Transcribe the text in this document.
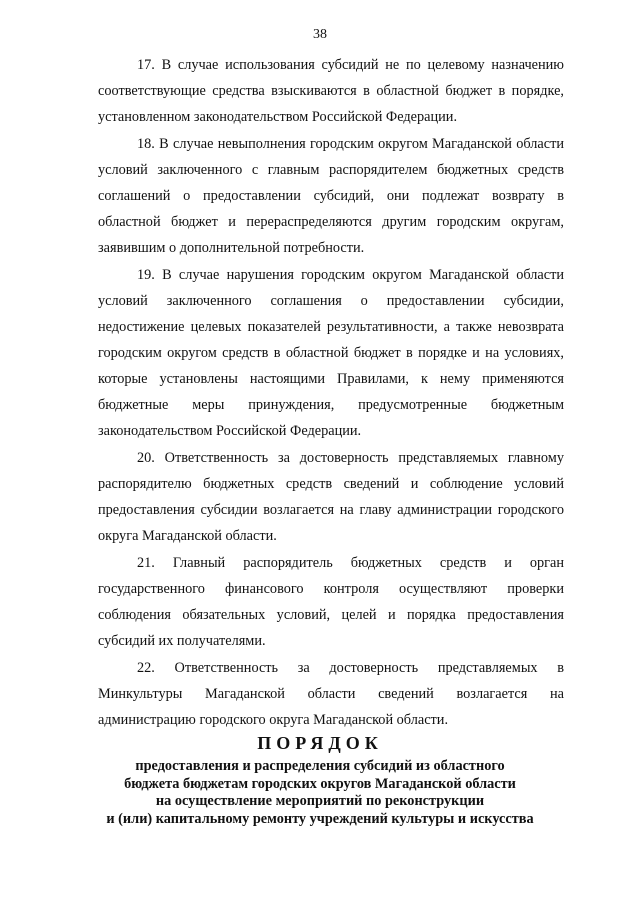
38

17. В случае использования субсидий не по целевому назначению соответствующие средства взыскиваются в областной бюджет в порядке, установленном законодательством Российской Федерации.

18. В случае невыполнения городским округом Магаданской области условий заключенного с главным распорядителем бюджетных средств соглашений о предоставлении субсидий, они подлежат возврату в областной бюджет и перераспределяются другим городским округам, заявившим о дополнительной потребности.

19. В случае нарушения городским округом Магаданской области условий заключенного соглашения о предоставлении субсидии, недостижение целевых показателей результативности, а также невозврата городским округом средств в областной бюджет в порядке и на условиях, которые установлены настоящими Правилами, к нему применяются бюджетные меры принуждения, предусмотренные бюджетным законодательством Российской Федерации.

20. Ответственность за достоверность представляемых главному распорядителю бюджетных средств сведений и соблюдение условий предоставления субсидии возлагается на главу администрации городского округа Магаданской области.

21. Главный распорядитель бюджетных средств и орган государственного финансового контроля осуществляют проверки соблюдения обязательных условий, целей и порядка предоставления субсидий их получателями.

22. Ответственность за достоверность представляемых в Минкультуры Магаданской области сведений возлагается на администрацию городского округа Магаданской области.

ПОРЯДОК
предоставления и распределения субсидий из областного
бюджета бюджетам городских округов Магаданской области
на осуществление мероприятий по реконструкции
и (или) капитальному ремонту учреждений культуры и искусства
